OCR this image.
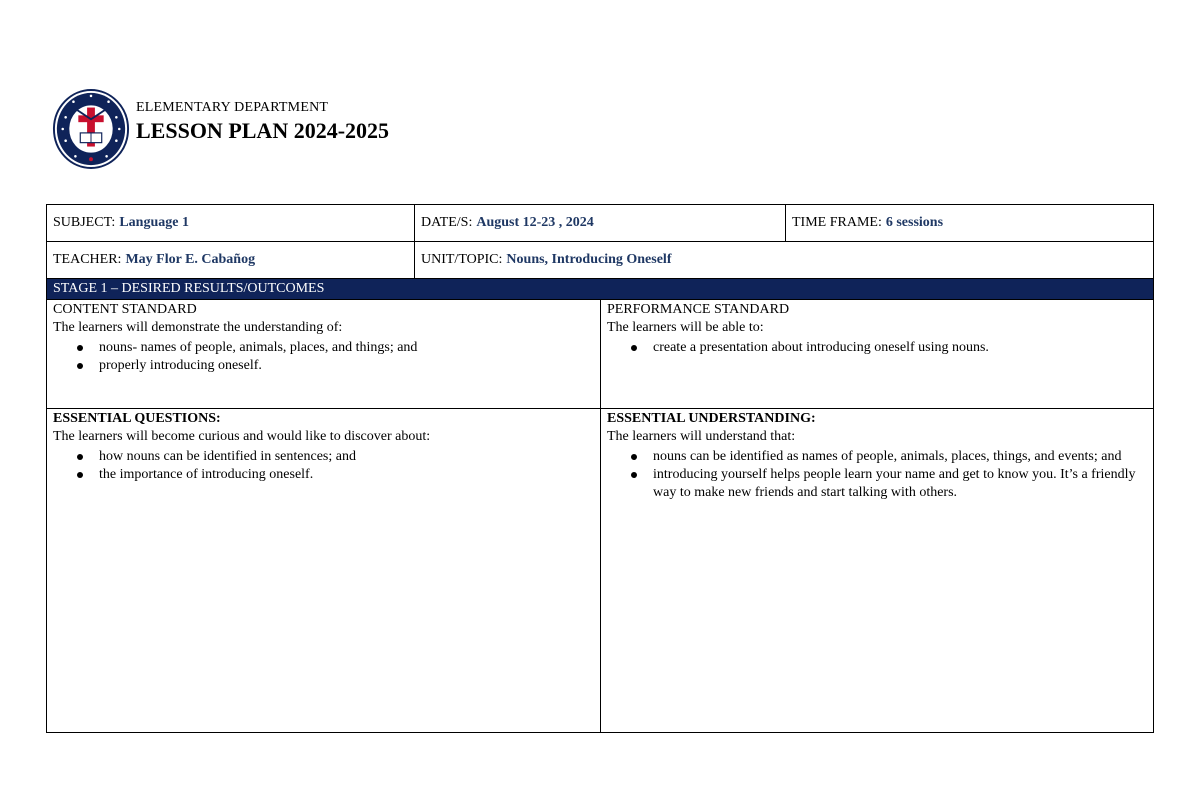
ELEMENTARY DEPARTMENT
LESSON PLAN 2024-2025
SUBJECT: Language 1	DATE/S: August 12-23 , 2024	TIME FRAME: 6 sessions
TEACHER: May Flor E. Cabañog	UNIT/TOPIC: Nouns, Introducing Oneself
STAGE 1 – DESIRED RESULTS/OUTCOMES
CONTENT STANDARD
The learners will demonstrate the understanding of:
nouns- names of people, animals, places, and things; and
properly introducing oneself.
PERFORMANCE STANDARD
The learners will be able to:
create a presentation about introducing oneself using nouns.
ESSENTIAL QUESTIONS:
The learners will become curious and would like to discover about:
how nouns can be identified in sentences; and
the importance of introducing oneself.
ESSENTIAL UNDERSTANDING:
The learners will understand that:
nouns can be identified as names of people, animals, places, things, and events; and
introducing yourself helps people learn your name and get to know you. It’s a friendly way to make new friends and start talking with others.
